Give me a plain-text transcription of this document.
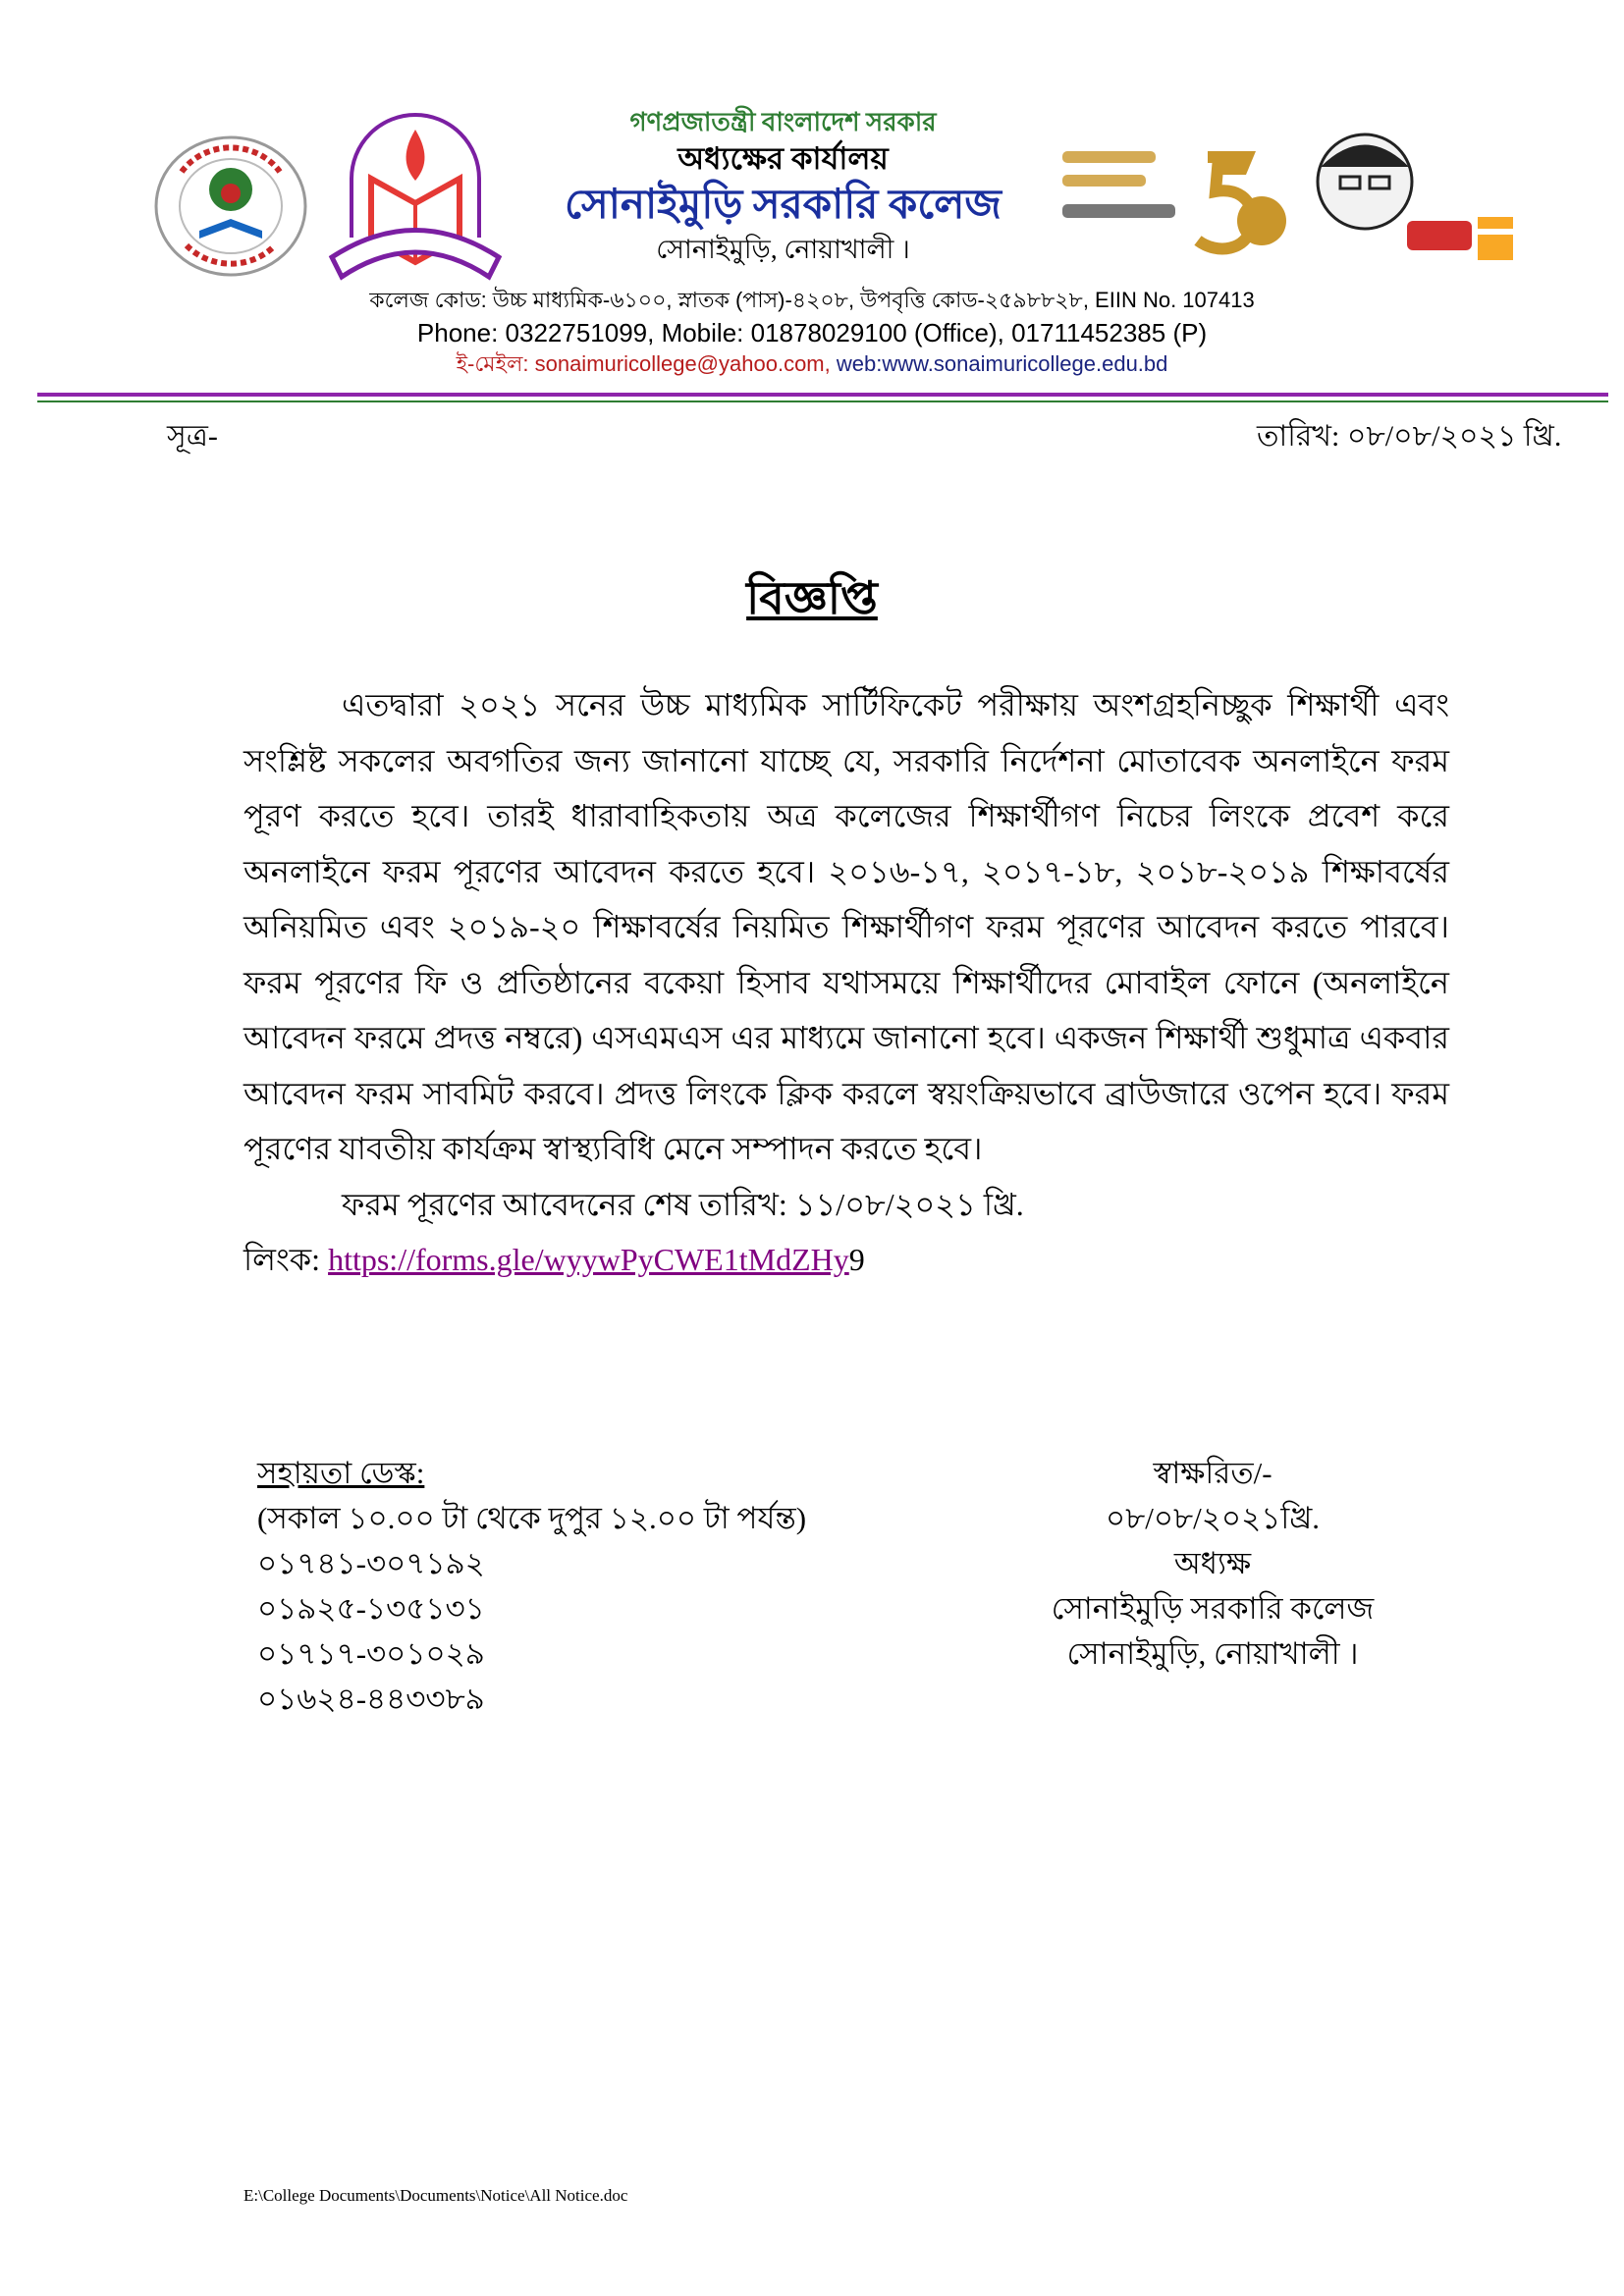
গণপ্রজাতন্ত্রী বাংলাদেশ সরকার
অধ্যক্ষের কার্যালয়
সোনাইমুড়ি সরকারি কলেজ
সোনাইমুড়ি, নোয়াখালী ।
কলেজ কোড: উচ্চ মাধ্যমিক-৬১০০, স্নাতক (পাস)-৪২০৮, উপবৃত্তি কোড-২৫৯৮৮২৮, EIIN No. 107413
Phone: 0322751099, Mobile: 01878029100 (Office), 01711452385 (P)
ই-মেইল: sonaimuricollege@yahoo.com, web:www.sonaimuricollege.edu.bd
সূত্র-	তারিখ: ০৮/০৮/২০২১ খ্রি.
বিজ্ঞপ্তি
এতদ্বারা ২০২১ সনের উচ্চ মাধ্যমিক সার্টিফিকেট পরীক্ষায় অংশগ্রহনিচ্ছুক শিক্ষার্থী এবং সংশ্লিষ্ট সকলের অবগতির জন্য জানানো যাচ্ছে যে, সরকারি নির্দেশনা মোতাবেক অনলাইনে ফরম পূরণ করতে হবে। তারই ধারাবাহিকতায় অত্র কলেজের শিক্ষার্থীগণ নিচের লিংকে প্রবেশ করে অনলাইনে ফরম পূরণের আবেদন করতে হবে। ২০১৬-১৭, ২০১৭-১৮, ২০১৮-২০১৯ শিক্ষাবর্ষের অনিয়মিত এবং ২০১৯-২০ শিক্ষাবর্ষের নিয়মিত শিক্ষার্থীগণ ফরম পূরণের আবেদন করতে পারবে। ফরম পূরণের ফি ও প্রতিষ্ঠানের বকেয়া হিসাব যথাসময়ে শিক্ষার্থীদের মোবাইল ফোনে (অনলাইনে আবেদন ফরমে প্রদত্ত নম্বরে) এসএমএস এর মাধ্যমে জানানো হবে। একজন শিক্ষার্থী শুধুমাত্র একবার আবেদন ফরম সাবমিট করবে। প্রদত্ত লিংকে ক্লিক করলে স্বয়ংক্রিয়ভাবে ব্রাউজারে ওপেন হবে। ফরম পূরণের যাবতীয় কার্যক্রম স্বাস্থ্যবিধি মেনে সম্পাদন করতে হবে।
ফরম পূরণের আবেদনের শেষ তারিখ: ১১/০৮/২০২১ খ্রি.
লিংক: https://forms.gle/wyywPyCWE1tMdZHy9
সহায়তা ডেস্ক:
(সকাল ১০.০০ টা থেকে দুপুর ১২.০০ টা পর্যন্ত)
০১৭৪১-৩০৭১৯২
০১৯২৫-১৩৫১৩১
০১৭১৭-৩০১০২৯
০১৬২৪-৪৪৩৩৮৯
স্বাক্ষরিত/-
০৮/০৮/২০২১খ্রি.
অধ্যক্ষ
সোনাইমুড়ি সরকারি কলেজ
সোনাইমুড়ি, নোয়াখালী ।
E:\College Documents\Documents\Notice\All Notice.doc
